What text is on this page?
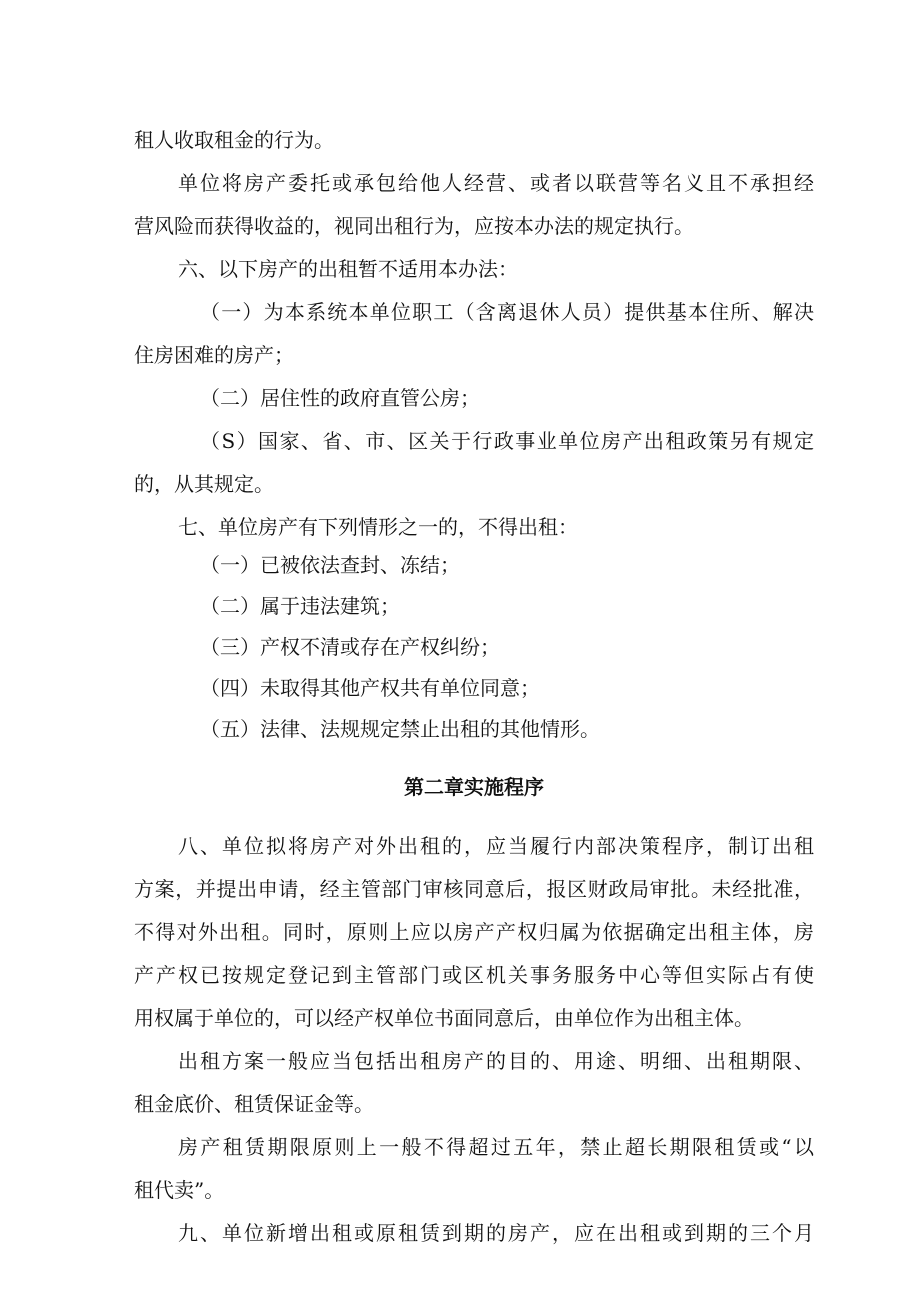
租人收取租金的行为。
单位将房产委托或承包给他人经营、或者以联营等名义且不承担经
营风险而获得收益的，视同出租行为，应按本办法的规定执行。
六、以下房产的出租暂不适用本办法：
（一）为本系统本单位职工（含离退休人员）提供基本住所、解决
住房困难的房产；
（二）居住性的政府直管公房；
（S）国家、省、市、区关于行政事业单位房产出租政策另有规定
的，从其规定。
七、单位房产有下列情形之一的，不得出租：
（一）已被依法查封、冻结；
（二）属于违法建筑；
（三）产权不清或存在产权纠纷；
（四）未取得其他产权共有单位同意；
（五）法律、法规规定禁止出租的其他情形。
第二章实施程序
八、单位拟将房产对外出租的，应当履行内部决策程序，制订出租
方案，并提出申请，经主管部门审核同意后，报区财政局审批。未经批准，
不得对外出租。同时，原则上应以房产产权归属为依据确定出租主体，房
产产权已按规定登记到主管部门或区机关事务服务中心等但实际占有使
用权属于单位的，可以经产权单位书面同意后，由单位作为出租主体。
出租方案一般应当包括出租房产的目的、用途、明细、出租期限、
租金底价、租赁保证金等。
房产租赁期限原则上一般不得超过五年，禁止超长期限租赁或“以
租代卖”。
九、单位新增出租或原租赁到期的房产，应在出租或到期的三个月
